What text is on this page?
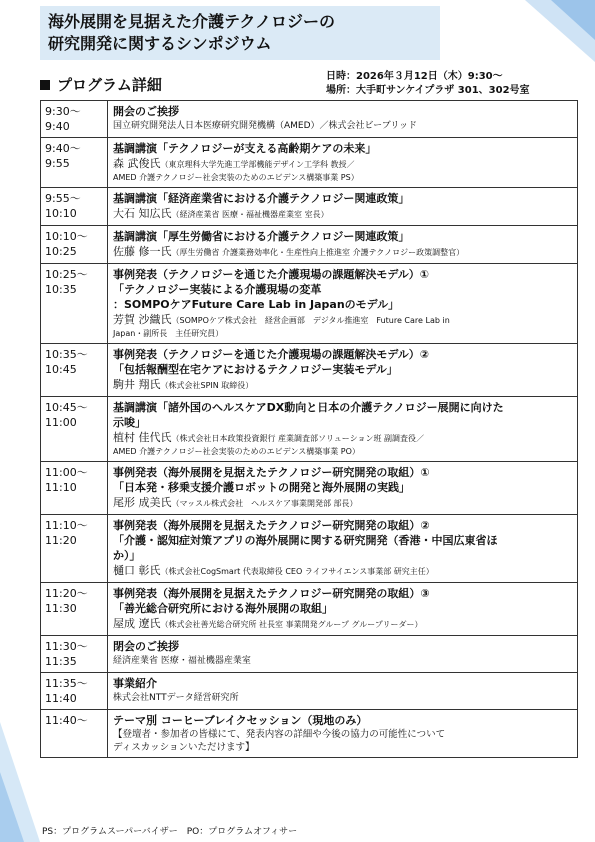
海外展開を見据えた介護テクノロジーの
研究開発に関するシンポジウム
プログラム詳細	日時：2026年３月12日（木）9:30～
場所：大手町サンケイプラザ 301、302号室
9:30～
9:40
開会のご挨拶
国立研究開発法人日本医療研究開発機構（AMED）／株式会社ビーブリッド
9:40～
9:55
基調講演「テクノロジーが支える高齢期ケアの未来」
森 武俊氏（東京理科大学先進工学部機能デザイン工学科 教授／
AMED 介護テクノロジー社会実装のためのエビデンス構築事業 PS）
9:55～
10:10
基調講演「経済産業省における介護テクノロジー関連政策」
大石 知広氏（経済産業省 医療・福祉機器産業室 室長）
10:10～
10:25
基調講演「厚生労働省における介護テクノロジー関連政策」
佐藤 修一氏（厚生労働省 介護業務効率化・生産性向上推進室 介護テクノロジー政策調整官）
10:25～
10:35
事例発表（テクノロジーを通じた介護現場の課題解決モデル）①
「テクノロジー実装による介護現場の変革
：SOMPOケアFuture Care Lab in Japanのモデル」
芳賀 沙織氏（SOMPOケア株式会社　経営企画部　デジタル推進室　Future Care Lab in
Japan・副所長　主任研究員）
10:35～
10:45
事例発表（テクノロジーを通じた介護現場の課題解決モデル）②
「包括報酬型在宅ケアにおけるテクノロジー実装モデル」
駒井 翔氏（株式会社SPIN 取締役）
10:45～
11:00
基調講演「諸外国のヘルスケアDX動向と日本の介護テクノロジー展開に向けた
示唆」
植村 佳代氏（株式会社日本政策投資銀行 産業調査部ソリューション班 副調査役／
AMED 介護テクノロジー社会実装のためのエビデンス構築事業 PO）
11:00～
11:10
事例発表（海外展開を見据えたテクノロジー研究開発の取組）①
「日本発・移乗支援介護ロボットの開発と海外展開の実践」
尾形 成美氏（マッスル株式会社　ヘルスケア事業開発部 部長）
11:10～
11:20
事例発表（海外展開を見据えたテクノロジー研究開発の取組）②
「介護・認知症対策アプリの海外展開に関する研究開発（香港・中国広東省ほ
か）」
樋口 彰氏（株式会社CogSmart 代表取締役 CEO ライフサイエンス事業部 研究主任）
11:20～
11:30
事例発表（海外展開を見据えたテクノロジー研究開発の取組）③
「善光総合研究所における海外展開の取組」
屋成 遼氏（株式会社善光総合研究所 社長室 事業開発グループ グループリーダー）
11:30～
11:35
閉会のご挨拶
経済産業省 医療・福祉機器産業室
11:35～
11:40
事業紹介
株式会社NTTデータ経営研究所
11:40～	テーマ別 コーヒーブレイクセッション（現地のみ）
【登壇者・参加者の皆様にて、発表内容の詳細や今後の協力の可能性について
ディスカッションいただけます】
PS：プログラムスーパーバイザー　PO：プログラムオフィサー
